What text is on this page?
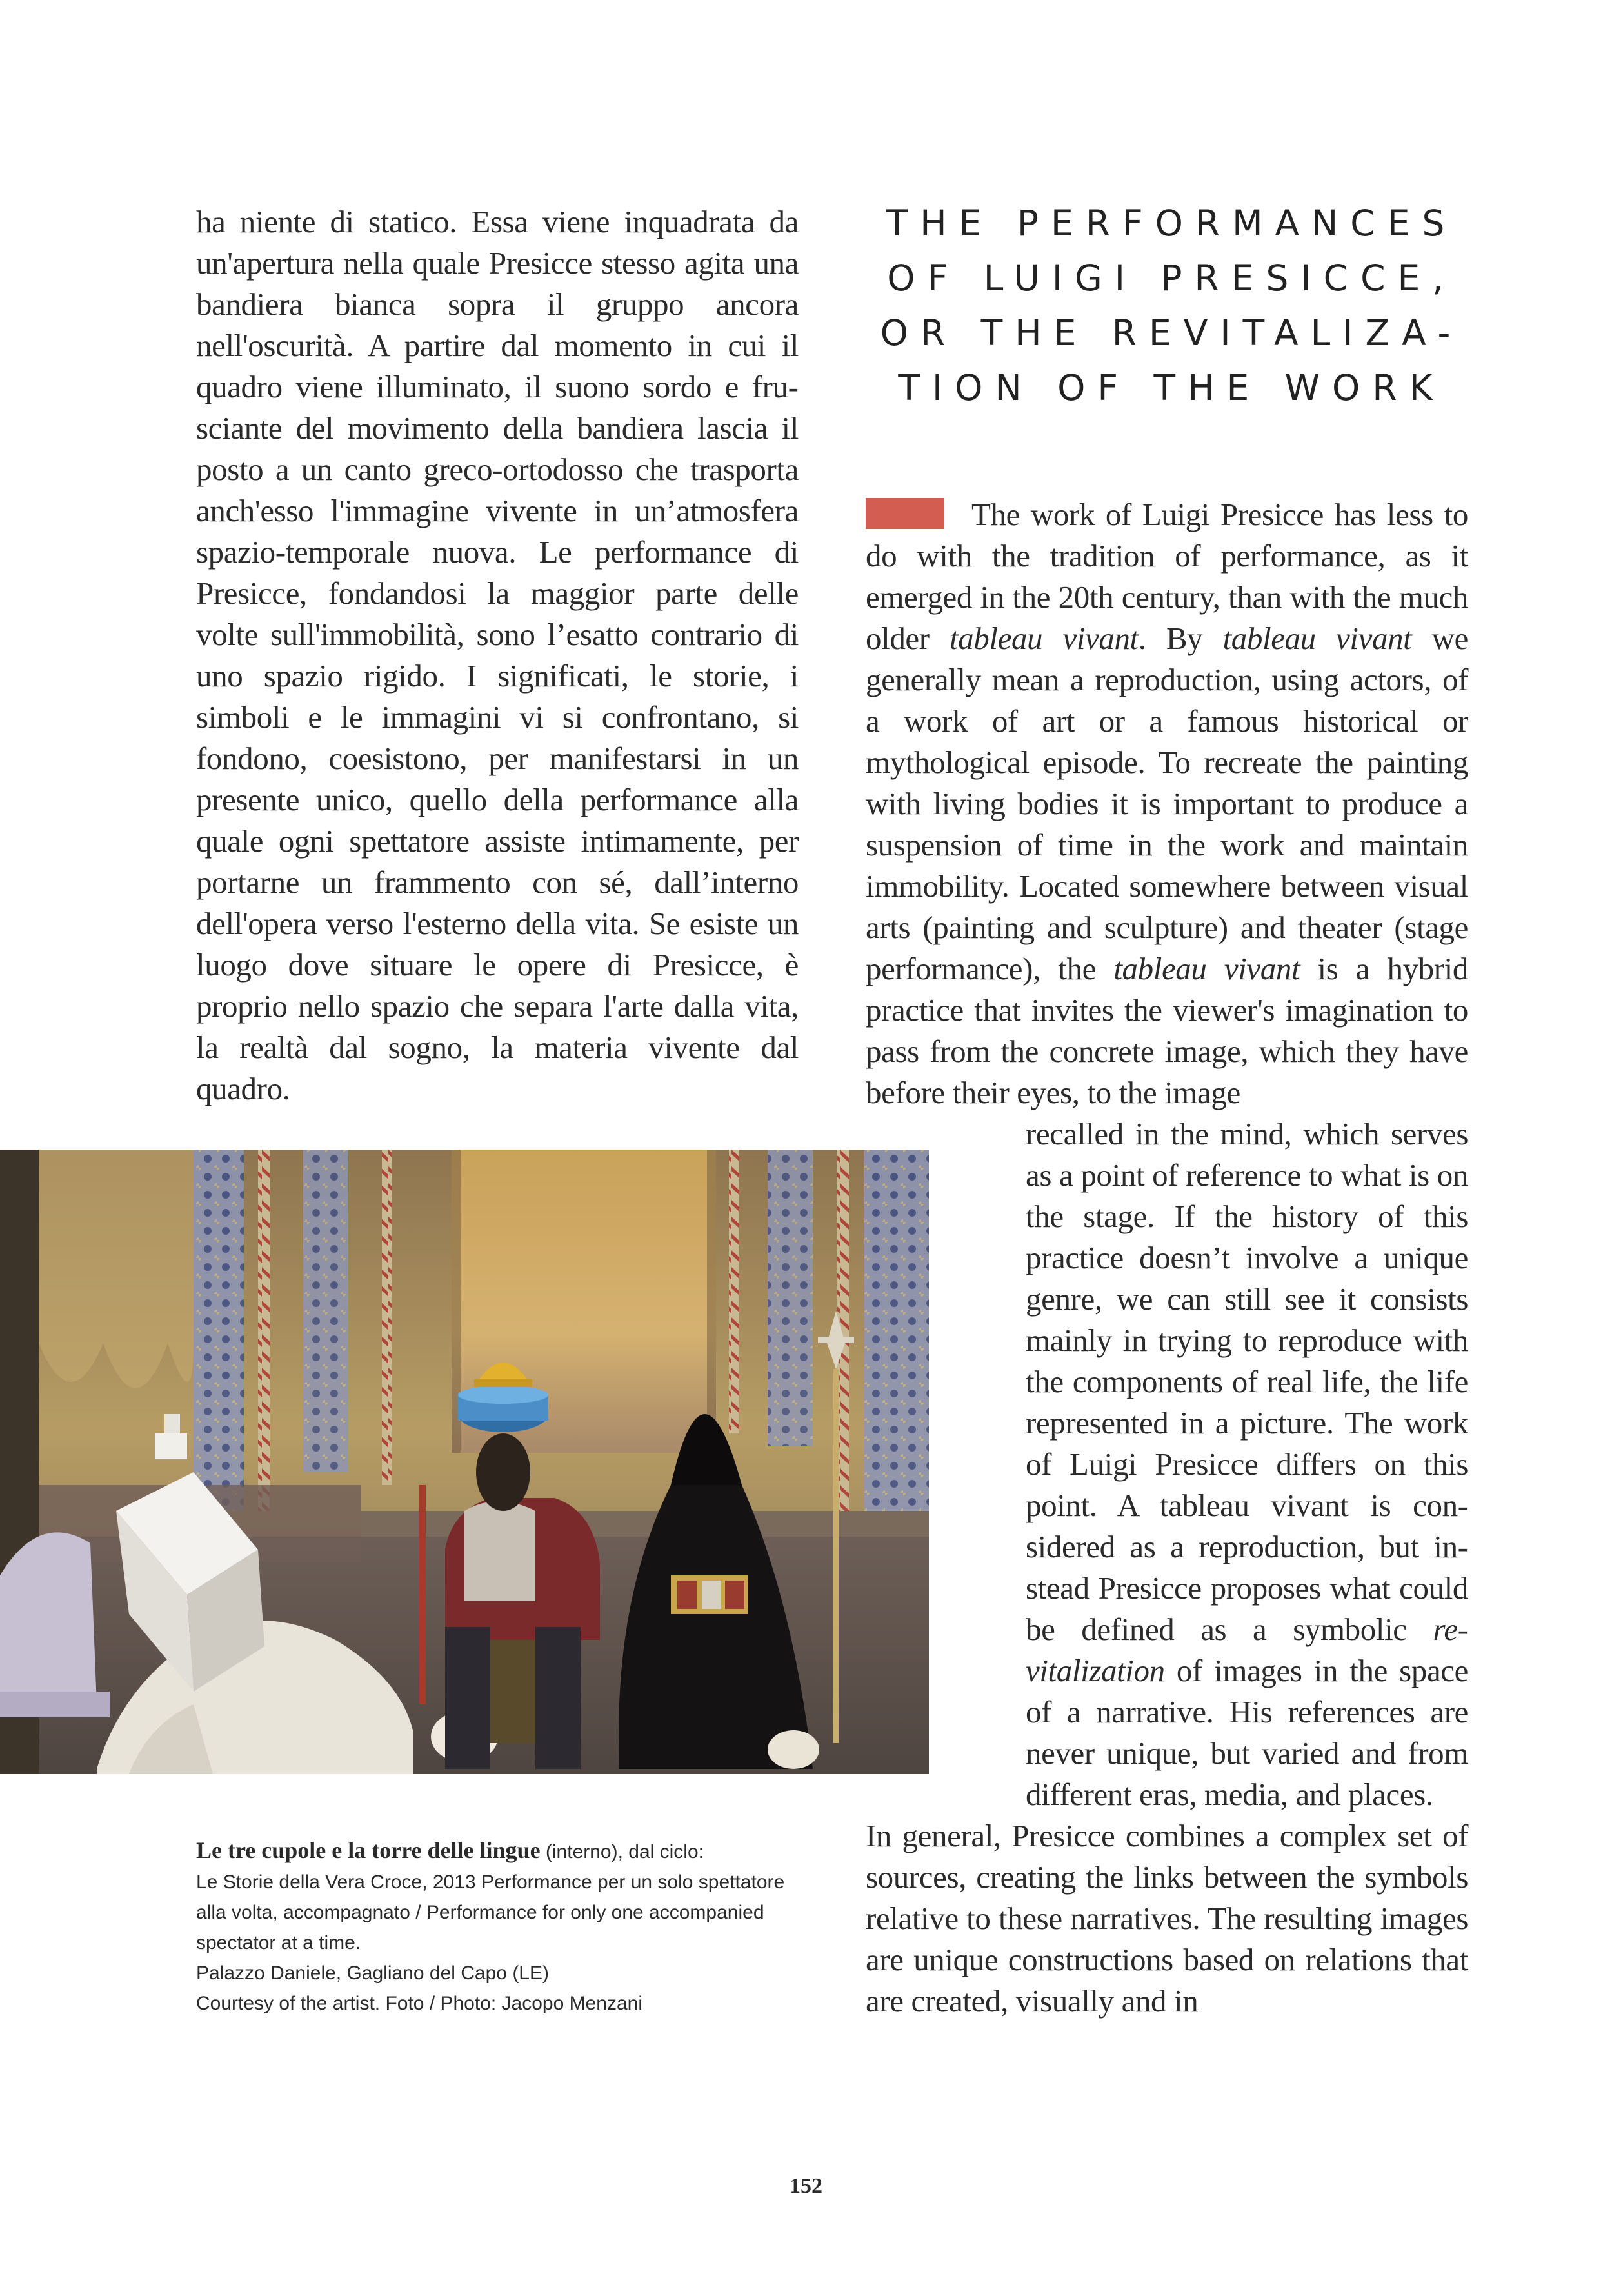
ha niente di statico. Essa viene inquadrata da un'apertura nella quale Presicce stesso agita una bandiera bianca sopra il gruppo ancora nell'oscurità. A partire dal momento in cui il quadro viene illuminato, il suono sordo e frusciante del movimento della bandiera lascia il posto a un canto greco-ortodosso che trasporta anch'esso l'immagine vivente in un’atmosfera spazio-temporale nuova. Le performance di Presicce, fondandosi la maggior parte delle volte sull'immobilità, sono l’esatto contrario di uno spazio rigido. I significati, le storie, i simboli e le immagini vi si confrontano, si fondono, coesistono, per manifestarsi in un presente unico, quello della performance alla quale ogni spettatore assiste intimamente, per portarne un frammento con sé, dall’interno dell'opera verso l'esterno della vita. Se esiste un luogo dove situare le opere di Presicce, è proprio nello spazio che separa l'arte dalla vita, la realtà dal sogno, la materia vivente dal quadro.

THE PERFORMANCES
OF LUIGI PRESICCE,
OR THE REVITALIZA-
TION OF THE WORK
The work of Luigi Presicce has less to do with the tradition of performance, as it emerged in the 20th century, than with the much older tableau vivant. By tableau vivant we generally mean a reproduction, using actors, of a work of art or a famous historical or mythological episode. To recreate the painting with living bodies it is important to produce a suspension of time in the work and maintain immobility. Located somewhere between visual arts (painting and sculpture) and theater (stage performance), the tableau vivant is a hybrid practice that invites the viewer's imagination to pass from the concrete image, which they have before their eyes, to the image
recalled in the mind, which serves as a point of reference to what is on the stage. If the history of this practice doesn’t involve a unique genre, we can still see it consists mainly in trying to reproduce with the components of real life, the life represented in a picture. The work of Luigi Presicce differs on this point. A tableau vivant is considered as a reproduction, but instead Presicce proposes what could be defined as a symbolic revitalization of images in the space of a narrative. His references are never unique, but varied and from different eras, media, and places.
In general, Presicce combines a complex set of sources, creating the links between the symbols relative to these narratives. The resulting images are unique constructions based on relations that are created, visually and in
Le tre cupole e la torre delle lingue (interno), dal ciclo:
Le Storie della Vera Croce, 2013 Performance per un solo spettatore
alla volta, accompagnato / Performance for only one accompanied
spectator at a time.
Palazzo Daniele, Gagliano del Capo (LE)
Courtesy of the artist. Foto / Photo: Jacopo Menzani
152
